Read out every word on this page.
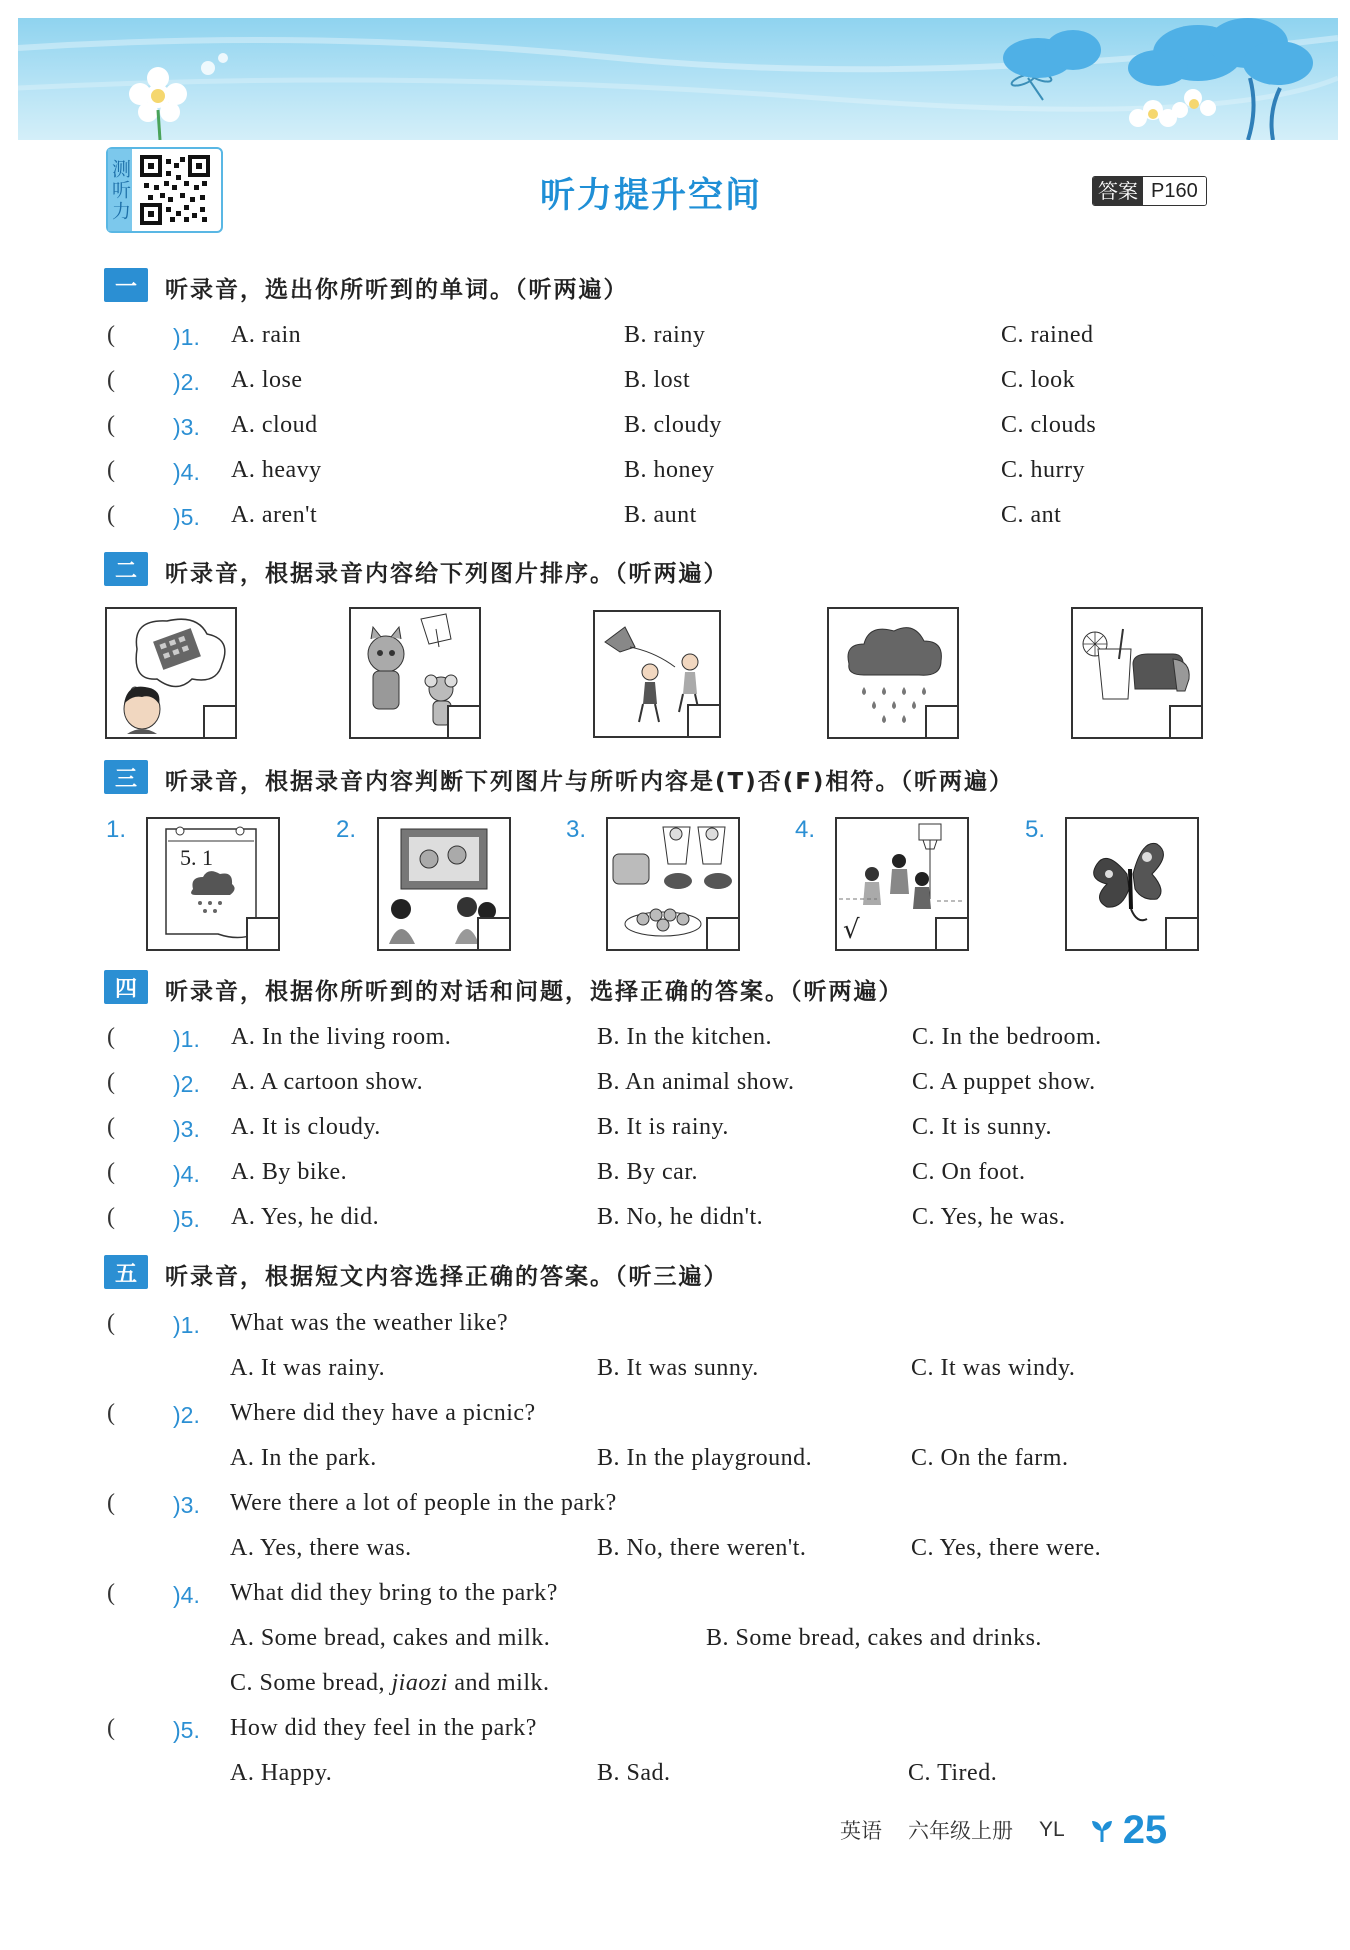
测听力	听力提升空间	答案 P160
一	听录音，选出你所听到的单词。（听两遍）
(	)1. A. rain	B. rainy	C. rained
(	)2. A. lose	B. lost	C. look
(	)3. A. cloud	B. cloudy	C. clouds
(	)4. A. heavy	B. honey	C. hurry
(	)5. A. aren't	B. aunt	C. ant
二	听录音，根据录音内容给下列图片排序。（听两遍）
三	听录音，根据录音内容判断下列图片与所听内容是(T)否(F)相符。（听两遍）
1.	2.	3.	4.	5.
5. 1
√
四	听录音，根据你所听到的对话和问题，选择正确的答案。（听两遍）
(	)1. A. In the living room.	B. In the kitchen.	C. In the bedroom.
(	)2. A. A cartoon show.	B. An animal show.	C. A puppet show.
(	)3. A. It is cloudy.	B. It is rainy.	C. It is sunny.
(	)4. A. By bike.	B. By car.	C. On foot.
(	)5. A. Yes, he did.	B. No, he didn't.	C. Yes, he was.
五	听录音，根据短文内容选择正确的答案。（听三遍）
(	)1. What was the weather like?
A. It was rainy.	B. It was sunny.	C. It was windy.
(	)2. Where did they have a picnic?
A. In the park.	B. In the playground.	C. On the farm.
(	)3. Were there a lot of people in the park?
A. Yes, there was.	B. No, there weren't.	C. Yes, there were.
(	)4. What did they bring to the park?
A. Some bread, cakes and milk.	B. Some bread, cakes and drinks.
C. Some bread, jiaozi and milk.
(	)5. How did they feel in the park?
A. Happy.	B. Sad.	C. Tired.
英语 六年级上册 YL 25
